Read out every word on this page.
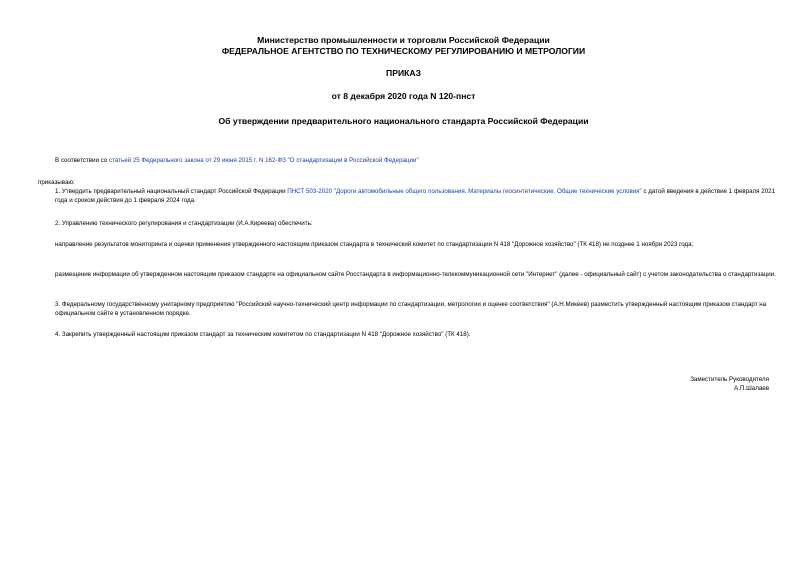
Министерство промышленности и торговли Российской Федерации
ФЕДЕРАЛЬНОЕ АГЕНТСТВО ПО ТЕХНИЧЕСКОМУ РЕГУЛИРОВАНИЮ И МЕТРОЛОГИИ
ПРИКАЗ
от 8 декабря 2020 года N 120-пнст
Об утверждении предварительного национального стандарта Российской Федерации
В соответствии со статьей 25 Федерального закона от 29 июня 2015 г. N 162-ФЗ "О стандартизации в Российской Федерации"
приказываю:
1. Утвердить предварительный национальный стандарт Российской Федерации ПНСТ 503-2020 "Дороги автомобильные общего пользования. Материалы геосинтетические. Общие технические условия" с датой введения в действие 1 февраля 2021 года и сроком действия до 1 февраля 2024 года.
2. Управлению технического регулирования и стандартизации (И.А.Киреева) обеспечить:
направление результатов мониторинга и оценки применения утвержденного настоящим приказом стандарта в технический комитет по стандартизации N 418 "Дорожное хозяйство" (ТК 418) не позднее 1 ноября 2023 года;
размещение информации об утвержденном настоящим приказом стандарте на официальном сайте Росстандарта в информационно-телекоммуникационной сети "Интернет" (далее - официальный сайт) с учетом законодательства о стандартизации.
3. Федеральному государственному унитарному предприятию "Российский научно-технический центр информации по стандартизации, метрологии и оценке соответствия" (А.Н.Микеев) разместить утвержденный настоящим приказом стандарт на официальном сайте в установленном порядке.
4. Закрепить утвержденный настоящим приказом стандарт за техническим комитетом по стандартизации N 418 "Дорожное хозяйство" (ТК 418).
Заместитель Руководителя
А.П.Шалаев
